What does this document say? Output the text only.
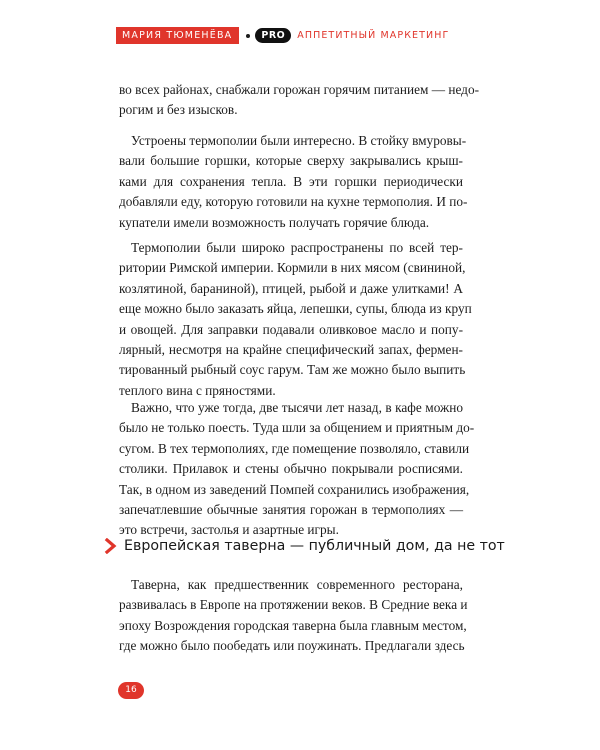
МАРИЯ ТЮМЕНЁВА	PRO	АППЕТИТНЫЙ МАРКЕТИНГ
во всех районах, снабжали горожан горячим питанием — недо-
рогим и без изысков.
Устроены термополии были интересно. В стойку вмуровы-
вали большие горшки, которые сверху закрывались крыш-
ками для сохранения тепла. В эти горшки периодически
добавляли еду, которую готовили на кухне термополия. И по-
купатели имели возможность получать горячие блюда.
Термополии были широко распространены по всей тер-
ритории Римской империи. Кормили в них мясом (свининой,
козлятиной, бараниной), птицей, рыбой и даже улитками! А
еще можно было заказать яйца, лепешки, супы, блюда из круп
и овощей. Для заправки подавали оливковое масло и попу-
лярный, несмотря на крайне специфический запах, фермен-
тированный рыбный соус гарум. Там же можно было выпить
теплого вина с пряностями.
Важно, что уже тогда, две тысячи лет назад, в кафе можно
было не только поесть. Туда шли за общением и приятным до-
сугом. В тех термополиях, где помещение позволяло, ставили
столики. Прилавок и стены обычно покрывали росписями.
Так, в одном из заведений Помпей сохранились изображения,
запечатлевшие обычные занятия горожан в термополиях —
это встречи, застолья и азартные игры.
Европейская таверна — публичный дом, да не тот
Таверна, как предшественник современного ресторана,
развивалась в Европе на протяжении веков. В Средние века и
эпоху Возрождения городская таверна была главным местом,
где можно было пообедать или поужинать. Предлагали здесь
16
